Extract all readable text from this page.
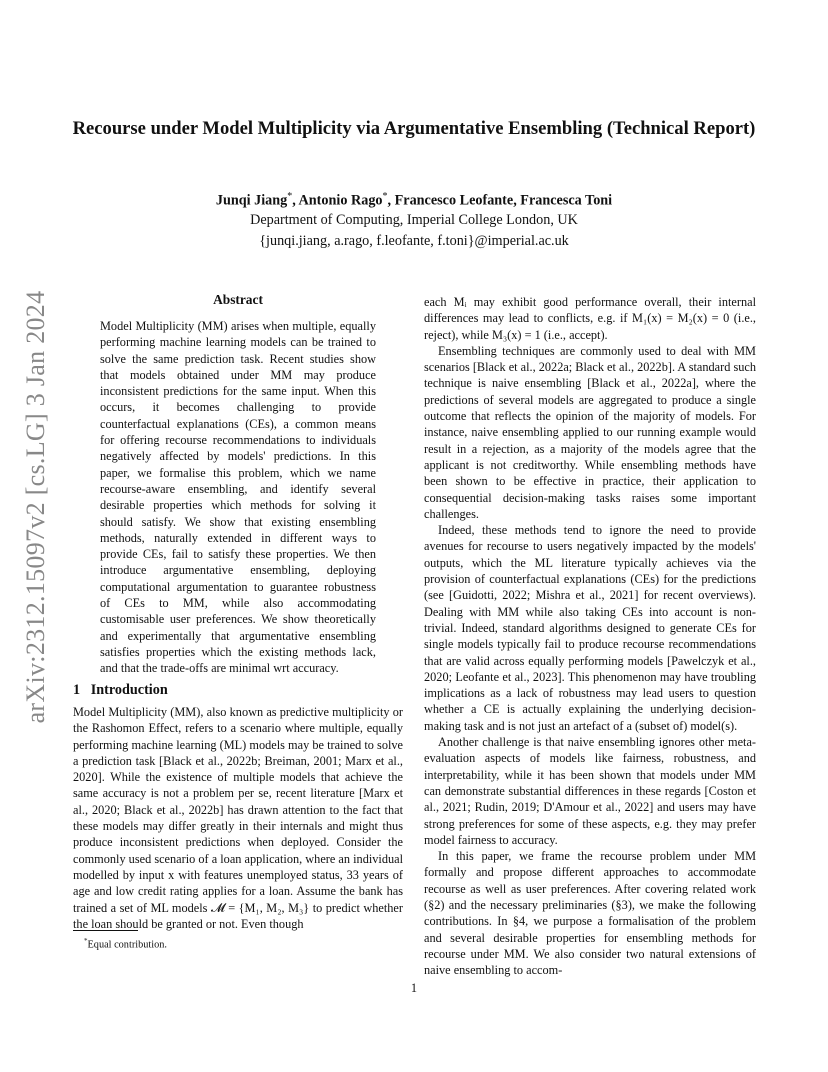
arXiv:2312.15097v2 [cs.LG] 3 Jan 2024
Recourse under Model Multiplicity via Argumentative Ensembling (Technical Report)
Junqi Jiang*, Antonio Rago*, Francesco Leofante, Francesca Toni
Department of Computing, Imperial College London, UK
{junqi.jiang, a.rago, f.leofante, f.toni}@imperial.ac.uk
Abstract

Model Multiplicity (MM) arises when multiple, equally performing machine learning models can be trained to solve the same prediction task. Recent studies show that models obtained under MM may produce inconsistent predictions for the same input. When this occurs, it becomes challenging to provide counterfactual explanations (CEs), a common means for offering recourse recommendations to individuals negatively affected by models' predictions. In this paper, we formalise this problem, which we name recourse-aware ensembling, and identify several desirable properties which methods for solving it should satisfy. We show that existing ensembling methods, naturally extended in different ways to provide CEs, fail to satisfy these properties. We then introduce argumentative ensembling, deploying computational argumentation to guarantee robustness of CEs to MM, while also accommodating customisable user preferences. We show theoretically and experimentally that argumentative ensembling satisfies properties which the existing methods lack, and that the trade-offs are minimal wrt accuracy.

1 Introduction

Model Multiplicity (MM), also known as predictive multiplicity or the Rashomon Effect, refers to a scenario where multiple, equally performing machine learning (ML) models may be trained to solve a prediction task [Black et al., 2022b; Breiman, 2001; Marx et al., 2020]. While the existence of multiple models that achieve the same accuracy is not a problem per se, recent literature [Marx et al., 2020; Black et al., 2022b] has drawn attention to the fact that these models may differ greatly in their internals and might thus produce inconsistent predictions when deployed. Consider the commonly used scenario of a loan application, where an individual modelled by input x with features unemployed status, 33 years of age and low credit rating applies for a loan. Assume the bank has trained a set of ML models 𝓜 = {M₁, M₂, M₃} to predict whether the loan should be granted or not. Even though

each Mᵢ may exhibit good performance overall, their internal differences may lead to conflicts, e.g. if M₁(x) = M₂(x) = 0 (i.e., reject), while M₃(x) = 1 (i.e., accept).

Ensembling techniques are commonly used to deal with MM scenarios [Black et al., 2022a; Black et al., 2022b]. A standard such technique is naive ensembling [Black et al., 2022a], where the predictions of several models are aggregated to produce a single outcome that reflects the opinion of the majority of models. For instance, naive ensembling applied to our running example would result in a rejection, as a majority of the models agree that the applicant is not creditworthy. While ensembling methods have been shown to be effective in practice, their application to consequential decision-making tasks raises some important challenges.

Indeed, these methods tend to ignore the need to provide avenues for recourse to users negatively impacted by the models' outputs, which the ML literature typically achieves via the provision of counterfactual explanations (CEs) for the predictions (see [Guidotti, 2022; Mishra et al., 2021] for recent overviews). Dealing with MM while also taking CEs into account is non-trivial. Indeed, standard algorithms designed to generate CEs for single models typically fail to produce recourse recommendations that are valid across equally performing models [Pawelczyk et al., 2020; Leofante et al., 2023]. This phenomenon may have troubling implications as a lack of robustness may lead users to question whether a CE is actually explaining the underlying decision-making task and is not just an artefact of a (subset of) model(s).

Another challenge is that naive ensembling ignores other meta-evaluation aspects of models like fairness, robustness, and interpretability, while it has been shown that models under MM can demonstrate substantial differences in these regards [Coston et al., 2021; Rudin, 2019; D'Amour et al., 2022] and users may have strong preferences for some of these aspects, e.g. they may prefer model fairness to accuracy.

In this paper, we frame the recourse problem under MM formally and propose different approaches to accommodate recourse as well as user preferences. After covering related work (§2) and the necessary preliminaries (§3), we make the following contributions. In §4, we purpose a formalisation of the problem and several desirable properties for ensembling methods for recourse under MM. We also consider two natural extensions of naive ensembling to accom-

*Equal contribution.
1
